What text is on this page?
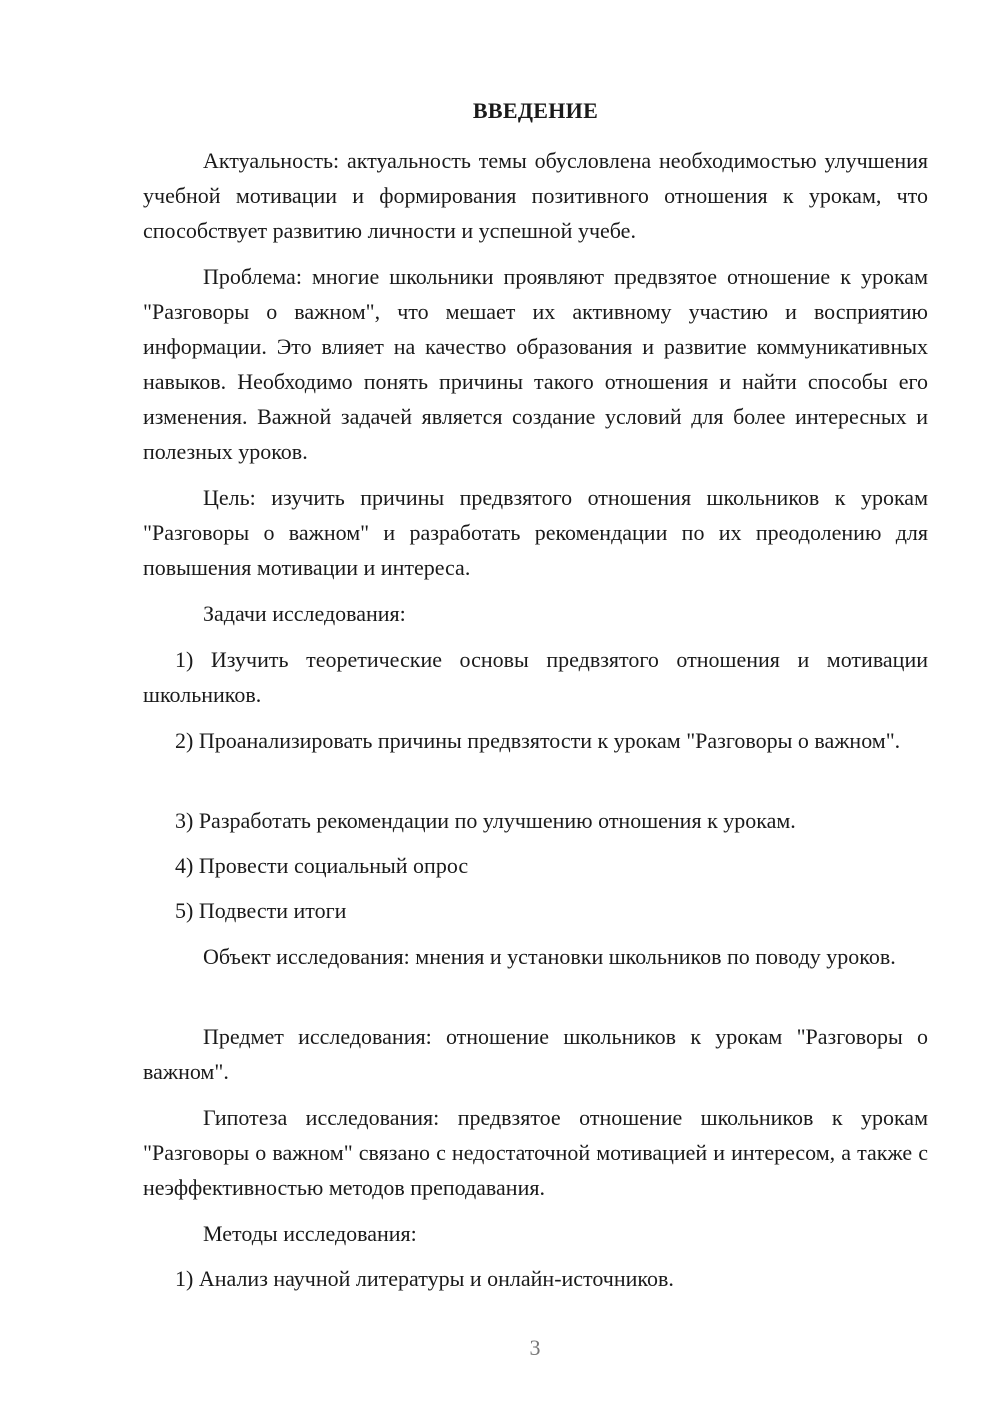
ВВЕДЕНИЕ

Актуальность: актуальность темы обусловлена необходимостью улучшения учебной мотивации и формирования позитивного отношения к урокам, что способствует развитию личности и успешной учебе.

Проблема: многие школьники проявляют предвзятое отношение к урокам "Разговоры о важном", что мешает их активному участию и восприятию информации. Это влияет на качество образования и развитие коммуникативных навыков. Необходимо понять причины такого отношения и найти способы его изменения. Важной задачей является создание условий для более интересных и полезных уроков.

Цель: изучить причины предвзятого отношения школьников к урокам "Разговоры о важном" и разработать рекомендации по их преодолению для повышения мотивации и интереса.

Задачи исследования:

1) Изучить теоретические основы предвзятого отношения и мотивации школьников.

2) Проанализировать причины предвзятости к урокам "Разговоры о важном".

3) Разработать рекомендации по улучшению отношения к урокам.

4) Провести социальный опрос

5) Подвести итоги

Объект исследования: мнения и установки школьников по поводу уроков.

Предмет исследования: отношение школьников к урокам "Разговоры о важном".

Гипотеза исследования: предвзятое отношение школьников к урокам "Разговоры о важном" связано с недостаточной мотивацией и интересом, а также с неэффективностью методов преподавания.

Методы исследования:

1) Анализ научной литературы и онлайн-источников.

3
